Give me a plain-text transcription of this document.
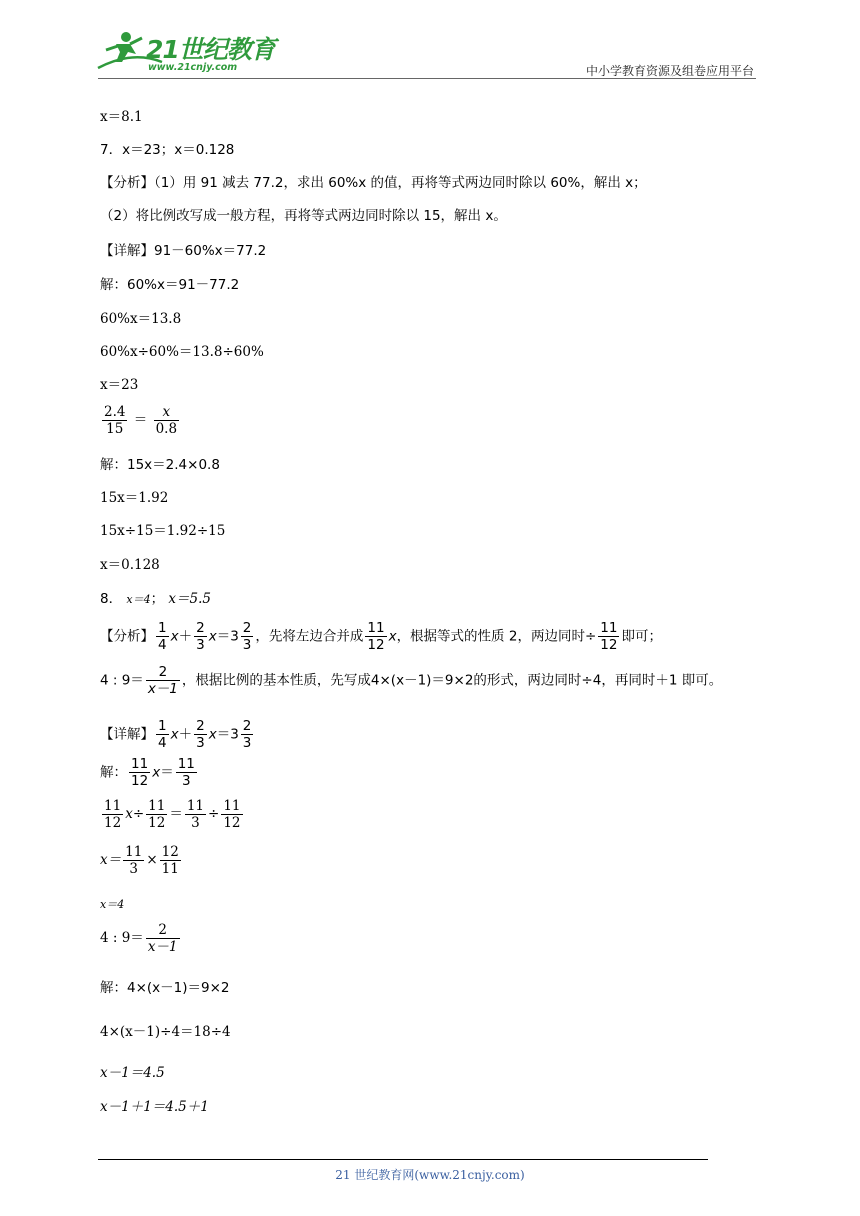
21世纪教育
www.21cnjy.com	中小学教育资源及组卷应用平台
x＝8.1
7．x＝23；x＝0.128
【分析】（1）用 91 减去 77.2，求出 60%x 的值，再将等式两边同时除以 60%，解出 x；
（2）将比例改写成一般方程，再将等式两边同时除以 15，解出 x。
【详解】91－60%x＝77.2
解：60%x＝91－77.2
60%x＝13.8
60%x÷60%＝13.8÷60%
x＝23
$\frac{2.4}{15} = \frac{x}{0.8}$
解：15x＝2.4×0.8
15x＝1.92
15x÷15＝1.92÷15
x＝0.128
8． x＝4； x＝5.5
【分析】 $\frac{1}{4} x+ \frac{2}{3} x=3 \frac{2}{3}$ ，先将左边合并成 $\frac{11}{12}$ x，根据等式的性质 2，两边同时÷ $\frac{11}{12}$ 即可；
4 : $9= \frac{2}{x-1}$ ，根据比例的基本性质，先写成4×(x－1)＝9×2的形式，两边同时÷4，再同时＋1 即可。
【详解】 $\frac{1}{4} x+ \frac{2}{3} x=3 \frac{2}{3}$
解： $\frac{11}{12} x= \frac{11}{3}$
$\frac{11}{12} x\div \frac{11}{12} = \frac{11}{3} \div \frac{11}{12}$
$x= \frac{11}{3} \times \frac{12}{11}$
x＝4
4 : $9= \frac{2}{x-1}$
解：4×(x－1)＝9×2
4×(x－1)÷4＝18÷4
x－1＝4.5
x－1＋1＝4.5＋1
21 世纪教育网(www.21cnjy.com)
